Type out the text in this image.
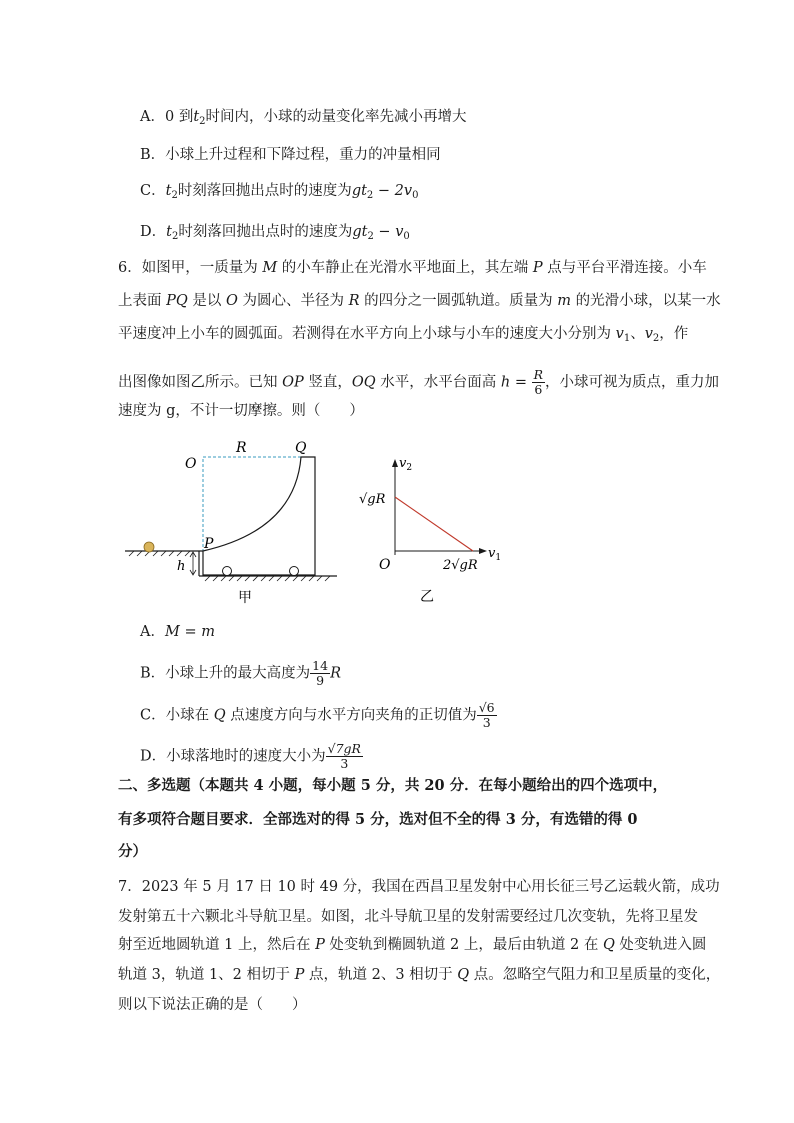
A．0 到$t_2$时间内，小球的动量变化率先减小再增大
B．小球上升过程和下降过程，重力的冲量相同
C．$t_2$时刻落回抛出点时的速度为$gt_2 - 2v_0$
D．$t_2$时刻落回抛出点时的速度为$gt_2 - v_0$
6．如图甲，一质量为 M 的小车静止在光滑水平地面上，其左端 P 点与平台平滑连接。小车
上表面 PQ 是以 O 为圆心、半径为 R 的四分之一圆弧轨道。质量为 m 的光滑小球，以某一水
平速度冲上小车的圆弧面。若测得在水平方向上小球与小车的速度大小分别为 $v_1$、$v_2$，作
出图像如图乙所示。已知 OP 竖直，OQ 水平，水平台面高 $h = \frac{R}{6}$ ，小球可视为质点，重力加
速度为 g，不计一切摩擦。则（　　）
O
R	Q
P
h
甲
$v_2$
$v_1$
√gR
O	2√gR
乙
A．M = m
B．小球上升的最大高度为 $\frac{14}{9}$ R
C．小球在 Q 点速度方向与水平方向夹角的正切值为 $\frac{√6}{3}$
D．小球落地时的速度大小为 $\frac{√7gR}{3}$
二、多选题（本题共 4 小题，每小题 5 分，共 20 分．在每小题给出的四个选项中，
有多项符合题目要求．全部选对的得 5 分，选对但不全的得 3 分，有选错的得 0
分）
7．2023 年 5 月 17 日 10 时 49 分，我国在西昌卫星发射中心用长征三号乙运载火箭，成功
发射第五十六颗北斗导航卫星。如图，北斗导航卫星的发射需要经过几次变轨，先将卫星发
射至近地圆轨道 1 上，然后在 P 处变轨到椭圆轨道 2 上，最后由轨道 2 在 Q 处变轨进入圆
轨道 3，轨道 1、2 相切于 P 点，轨道 2、3 相切于 Q 点。忽略空气阻力和卫星质量的变化，
则以下说法正确的是（　　）
